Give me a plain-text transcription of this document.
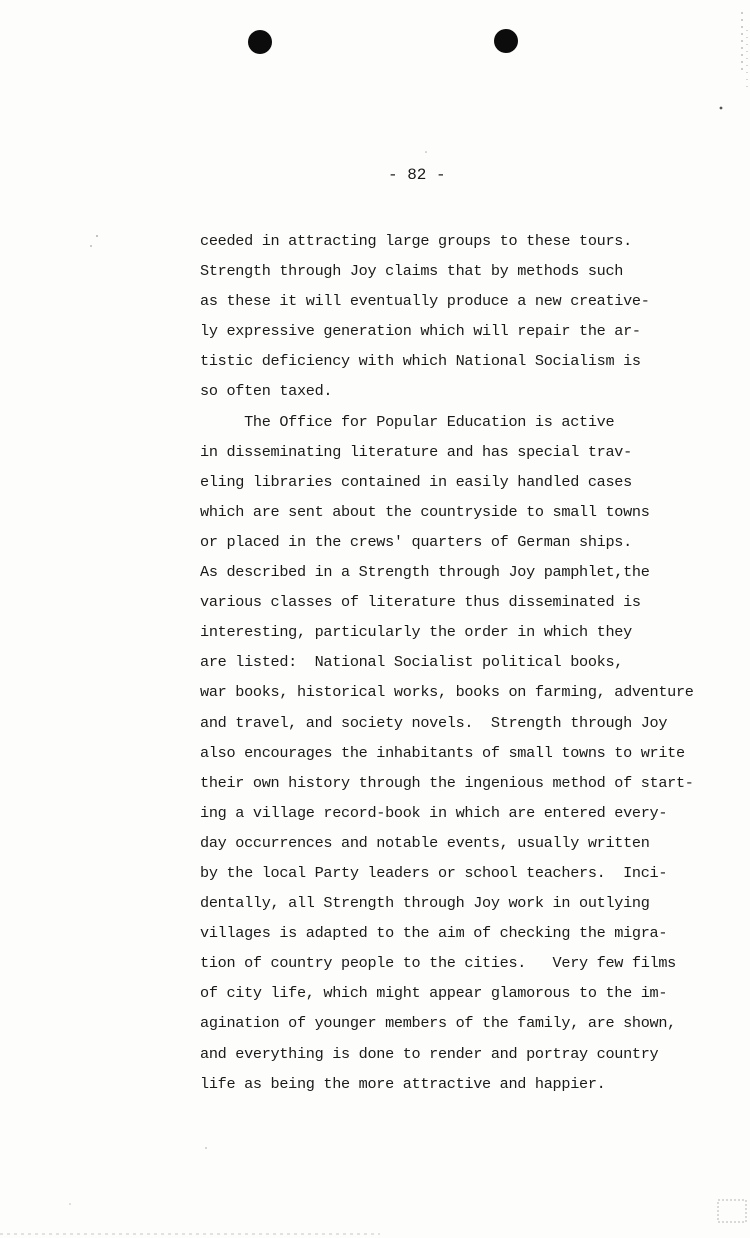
- 82 -
ceeded in attracting large groups to these tours.
Strength through Joy claims that by methods such
as these it will eventually produce a new creative-
ly expressive generation which will repair the ar-
tistic deficiency with which National Socialism is
so often taxed.
The Office for Popular Education is active
in disseminating literature and has special trav-
eling libraries contained in easily handled cases
which are sent about the countryside to small towns
or placed in the crews' quarters of German ships.
As described in a Strength through Joy pamphlet,the
various classes of literature thus disseminated is
interesting, particularly the order in which they
are listed:  National Socialist political books,
war books, historical works, books on farming, adventure
and travel, and society novels.  Strength through Joy
also encourages the inhabitants of small towns to write
their own history through the ingenious method of start-
ing a village record-book in which are entered every-
day occurrences and notable events, usually written
by the local Party leaders or school teachers.  Inci-
dentally, all Strength through Joy work in outlying
villages is adapted to the aim of checking the migra-
tion of country people to the cities.   Very few films
of city life, which might appear glamorous to the im-
agination of younger members of the family, are shown,
and everything is done to render and portray country
life as being the more attractive and happier.
